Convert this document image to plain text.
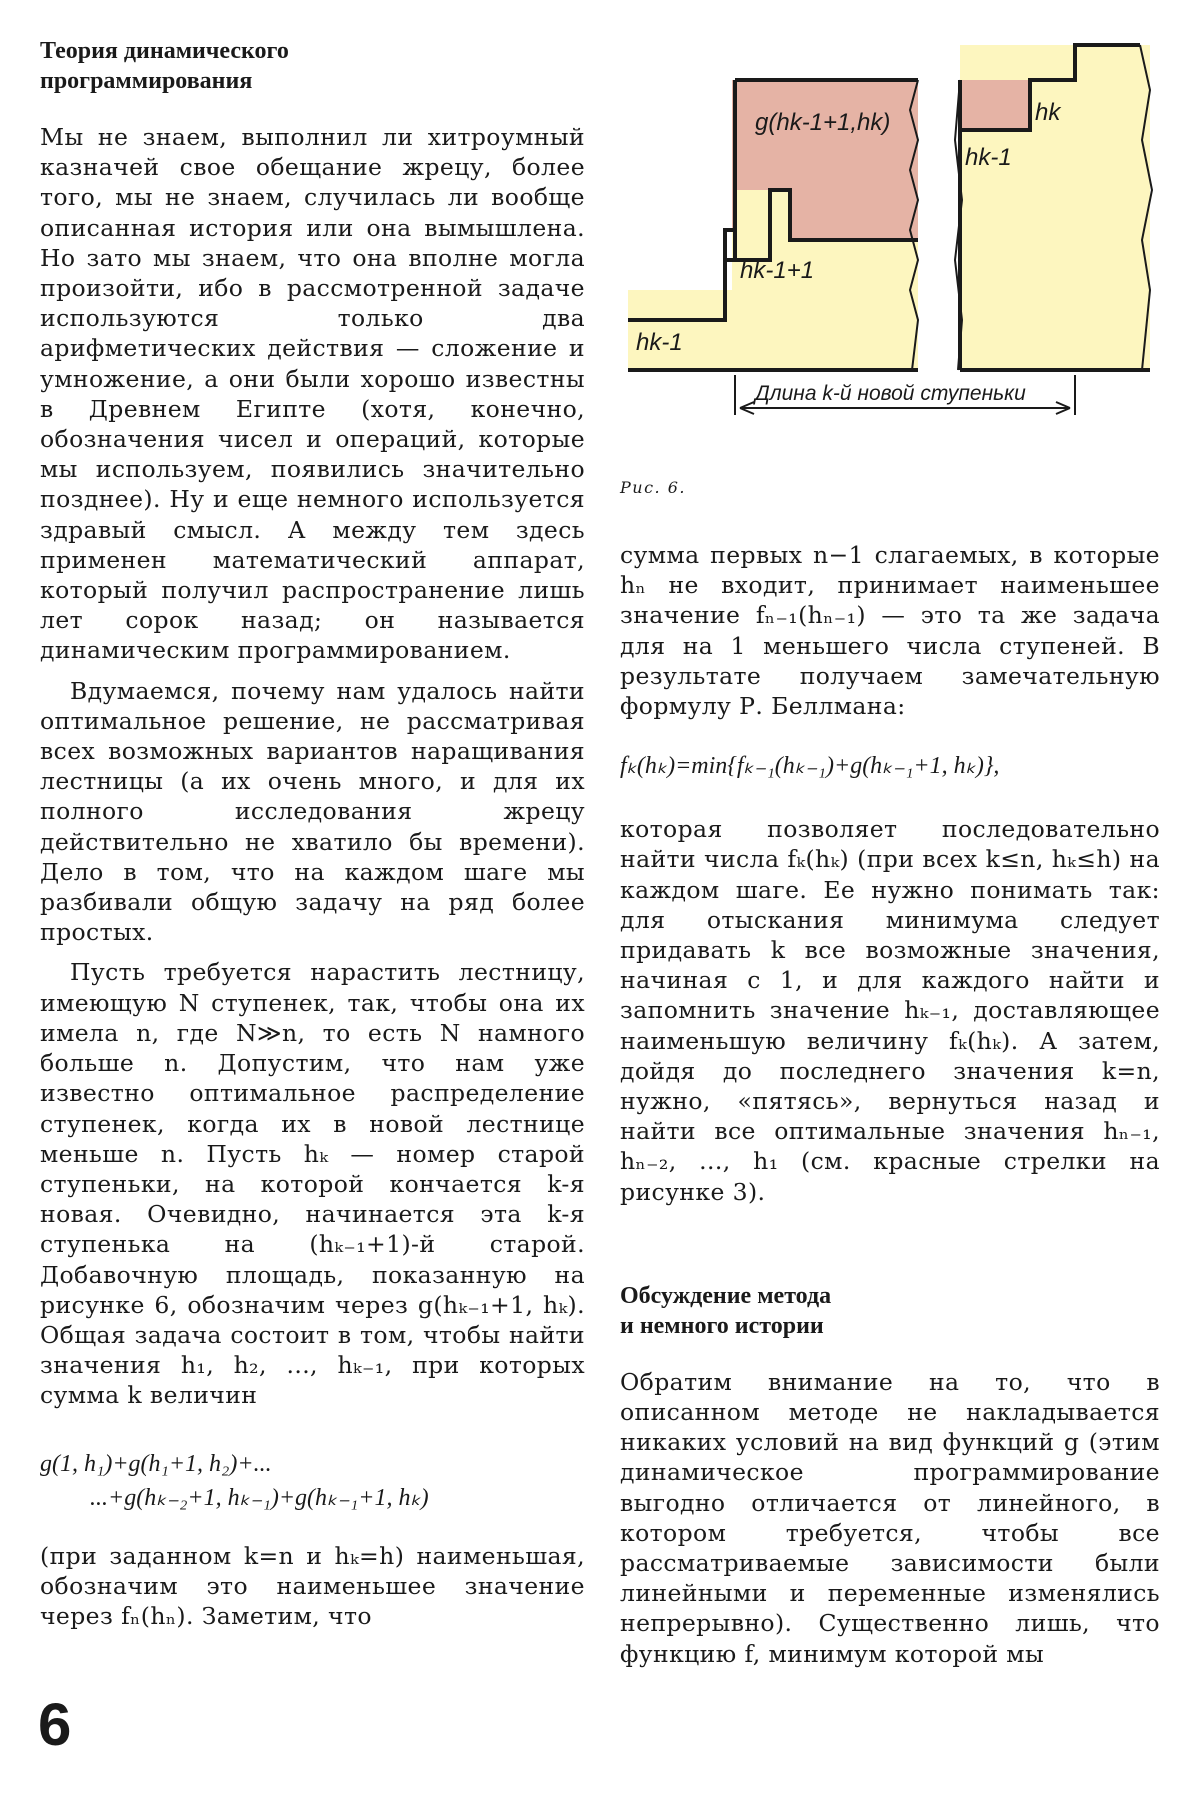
Теория динамического
программирования

Мы не знаем, выполнил ли хитроумный казначей свое обещание жрецу, более того, мы не знаем, случилась ли вообще описанная история или она вымышлена. Но зато мы знаем, что она вполне могла произойти, ибо в рассмотренной задаче используются только два арифметических действия — сложение и умножение, а они были хорошо известны в Древнем Египте (хотя, конечно, обозначения чисел и операций, которые мы используем, появились значительно позднее). Ну и еще немного используется здравый смысл. А между тем здесь применен математический аппарат, который получил распространение лишь лет сорок назад; он называется динамическим программированием.

Вдумаемся, почему нам удалось найти оптимальное решение, не рассматривая всех возможных вариантов наращивания лестницы (а их очень много, и для их полного исследования жрецу действительно не хватило бы времени). Дело в том, что на каждом шаге мы разбивали общую задачу на ряд более простых.

Пусть требуется нарастить лестницу, имеющую N ступенек, так, чтобы она их имела n, где N≫n, то есть N намного больше n. Допустим, что нам уже известно оптимальное распределение ступенек, когда их в новой лестнице меньше n. Пусть hₖ — номер старой ступеньки, на которой кончается k-я новая. Очевидно, начинается эта k-я ступенька на (hₖ₋₁+1)-й старой. Добавочную площадь, показанную на рисунке 6, обозначим через g(hₖ₋₁+1, hₖ). Общая задача состоит в том, чтобы найти значения h₁, h₂, ..., hₖ₋₁, при которых сумма k величин

g(1, h₁)+g(h₁+1, h₂)+...
...+g(hₖ₋₂+1, hₖ₋₁)+g(hₖ₋₁+1, hₖ)

(при заданном k=n и hₖ=h) наименьшая, обозначим это наименьшее значение через fₙ(hₙ). Заметим, что

g(hk-1+1,hk)	hk
hk-1
hk-1+1
hk-1
Длина k-й новой ступеньки
Рис. 6.

сумма первых n−1 слагаемых, в которые hₙ не входит, принимает наименьшее значение fₙ₋₁(hₙ₋₁) — это та же задача для на 1 меньшего числа ступеней. В результате получаем замечательную формулу Р. Беллмана:

fₖ(hₖ)=min{fₖ₋₁(hₖ₋₁)+g(hₖ₋₁+1, hₖ)},

которая позволяет последовательно найти числа fₖ(hₖ) (при всех k≤n, hₖ≤h) на каждом шаге. Ее нужно понимать так: для отыскания минимума следует придавать k все возможные значения, начиная с 1, и для каждого найти и запомнить значение hₖ₋₁, доставляющее наименьшую величину fₖ(hₖ). А затем, дойдя до последнего значения k=n, нужно, «пятясь», вернуться назад и найти все оптимальные значения hₙ₋₁, hₙ₋₂, ..., h₁ (см. красные стрелки на рисунке 3).

Обсуждение метода
и немного истории

Обратим внимание на то, что в описанном методе не накладывается никаких условий на вид функций g (этим динамическое программирование выгодно отличается от линейного, в котором требуется, чтобы все рассматриваемые зависимости были линейными и переменные изменялись непрерывно). Существенно лишь, что функцию f, минимум которой мы

6
